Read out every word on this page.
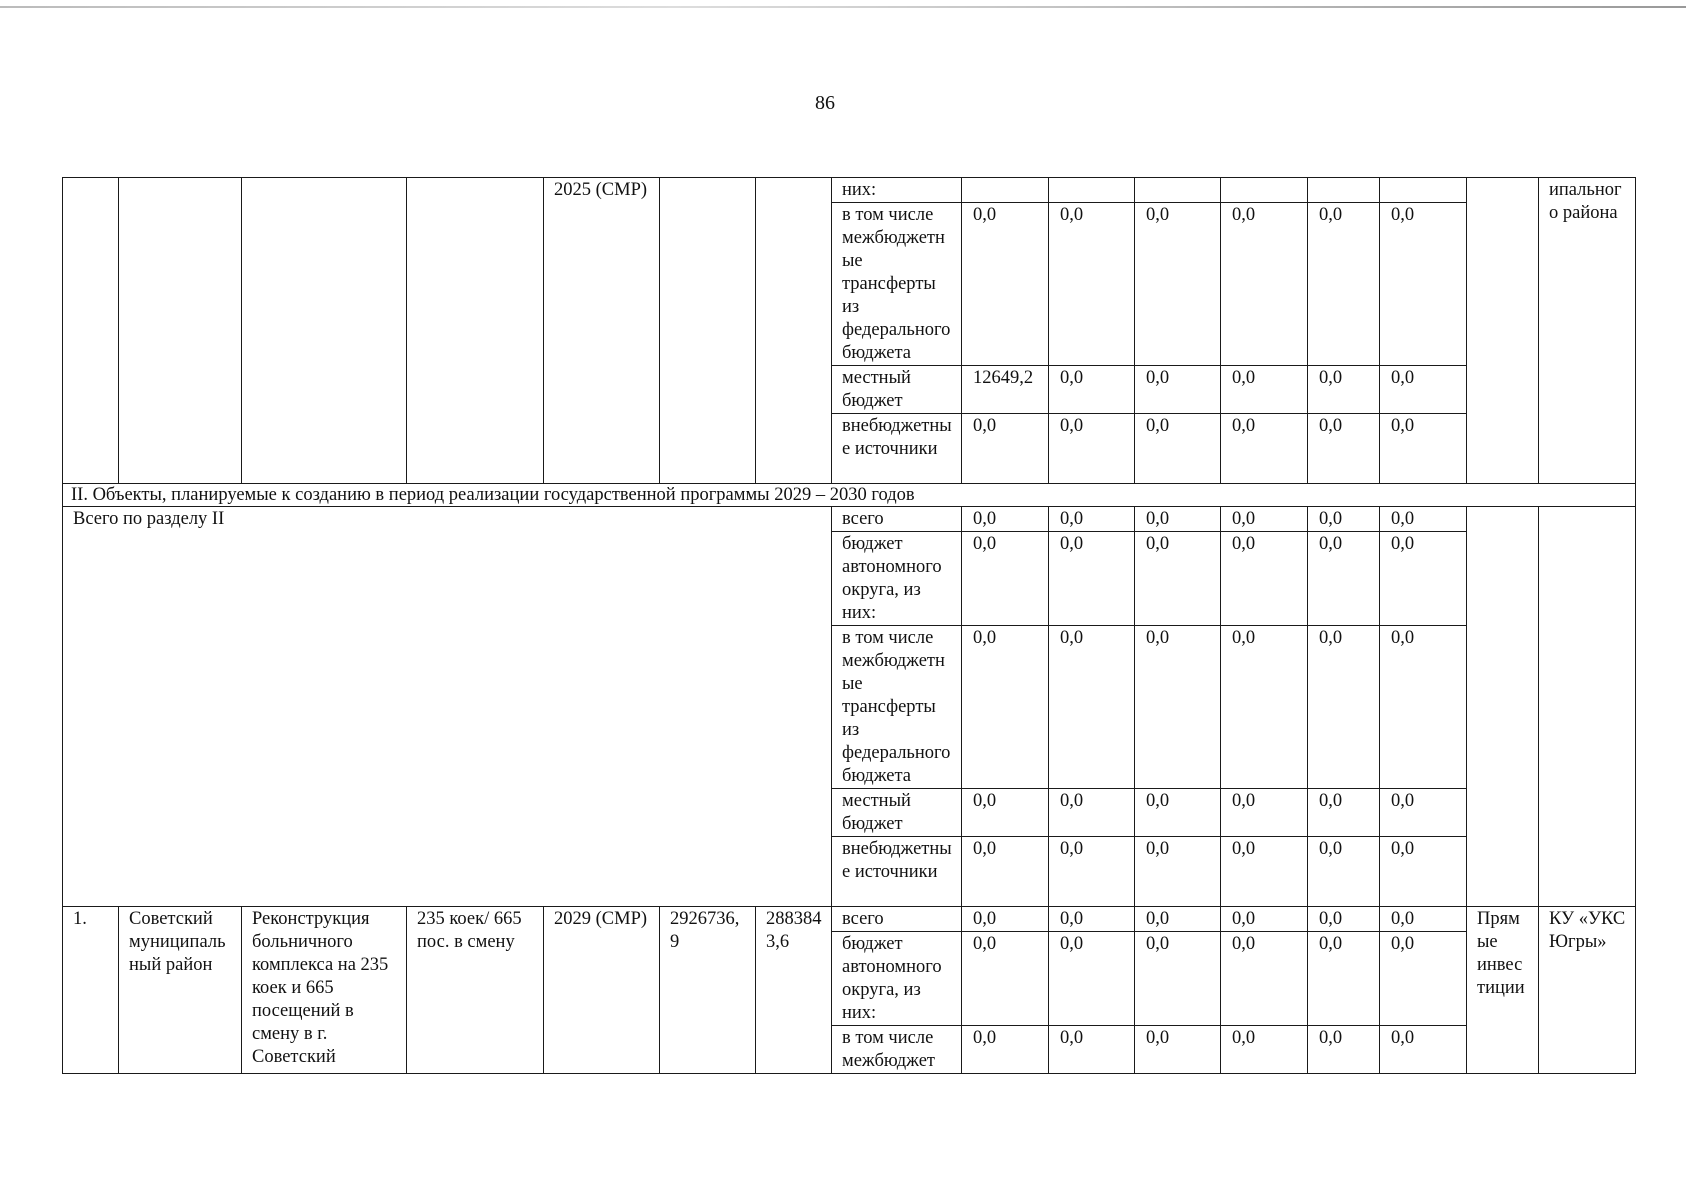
86
				2025 (СМР)			них:								ипального района
							в том числе межбюджетные трансферты из федерального бюджета	0,0	0,0	0,0	0,0	0,0	0,0		
							местный бюджет	12649,2	0,0	0,0	0,0	0,0	0,0		
							внебюджетные источники	0,0	0,0	0,0	0,0	0,0	0,0		
II. Объекты, планируемые к созданию в период реализации государственной программы 2029 – 2030 годов															
Всего по разделу II							всего	0,0	0,0	0,0	0,0	0,0	0,0		
							бюджет автономного округа, из них:	0,0	0,0	0,0	0,0	0,0	0,0		
							в том числе межбюджетные трансферты из федерального бюджета	0,0	0,0	0,0	0,0	0,0	0,0		
							местный бюджет	0,0	0,0	0,0	0,0	0,0	0,0		
							внебюджетные источники	0,0	0,0	0,0	0,0	0,0	0,0		
1.	Советский муниципальный район	Реконструкция больничного комплекса на 235 коек и 665 посещений в смену в г. Советский	235 коек/ 665 пос. в смену	2029 (СМР)	2926736,9	2883843,6	всего	0,0	0,0	0,0	0,0	0,0	0,0	Прямые инвестиции	КУ «УКС Югры»
							бюджет автономного округа, из них:	0,0	0,0	0,0	0,0	0,0	0,0		
							в том числе межбюджет	0,0	0,0	0,0	0,0	0,0	0,0		
